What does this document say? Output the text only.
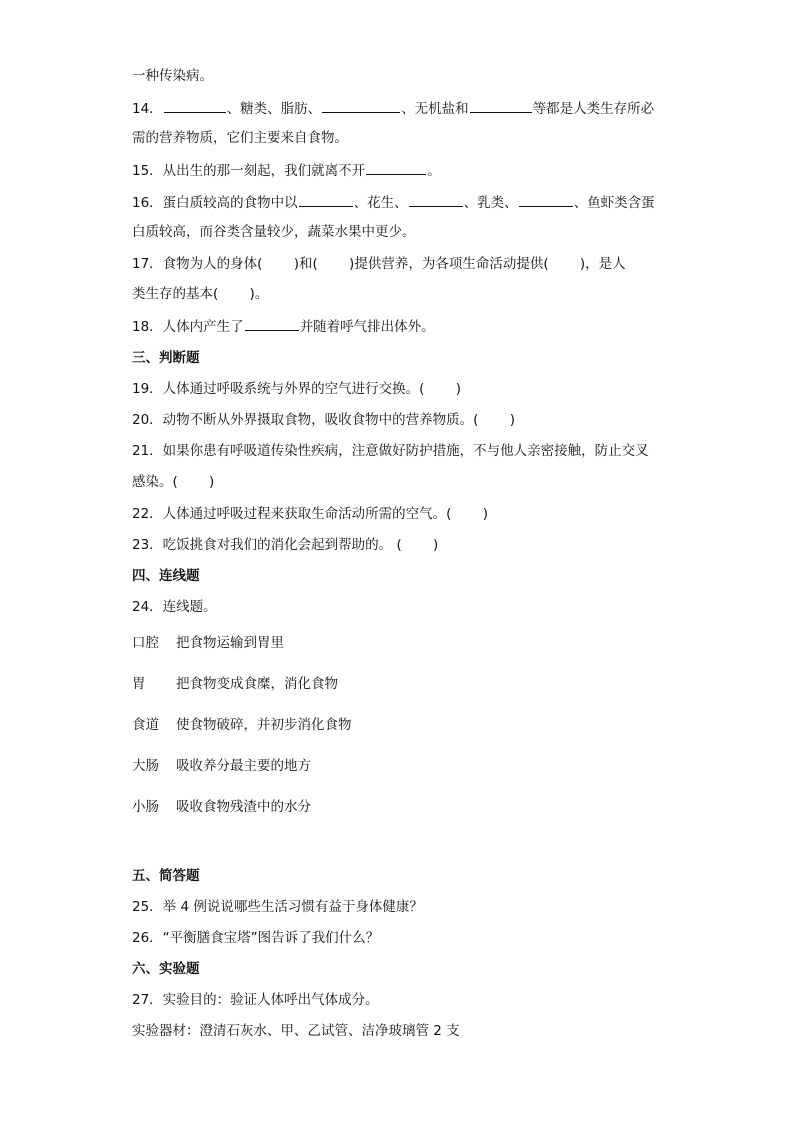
一种传染病。
14．	、糖类、脂肪、	、无机盐和	等都是人类生存所必
需的营养物质，它们主要来自食物。
15．从出生的那一刻起，我们就离不开	。
16．蛋白质较高的食物中以	、花生、	、乳类、	、鱼虾类含蛋
白质较高，而谷类含量较少，蔬菜水果中更少。
17．食物为人的身体(　　 )和(　　 )提供营养，为各项生命活动提供(　　 )，是人
类生存的基本(　　 )。
18．人体内产生了	并随着呼气排出体外。
三、判断题
19．人体通过呼吸系统与外界的空气进行交换。(　　 )
20．动物不断从外界摄取食物，吸收食物中的营养物质。(　　 )
21．如果你患有呼吸道传染性疾病，注意做好防护措施，不与他人亲密接触，防止交叉
感染。(　　 )
22．人体通过呼吸过程来获取生命活动所需的空气。(　　 )
23．吃饭挑食对我们的消化会起到帮助的。 (　　 )
四、连线题
24．连线题。
口腔 把食物运输到胃里
胃 把食物变成食糜，消化食物
食道 使食物破碎，并初步消化食物
大肠 吸收养分最主要的地方
小肠 吸收食物残渣中的水分
五、简答题
25．举 4 例说说哪些生活习惯有益于身体健康？
26．“平衡膳食宝塔”图告诉了我们什么？
六、实验题
27．实验目的：验证人体呼出气体成分。
实验器材：澄清石灰水、甲、乙试管、洁净玻璃管 2 支
